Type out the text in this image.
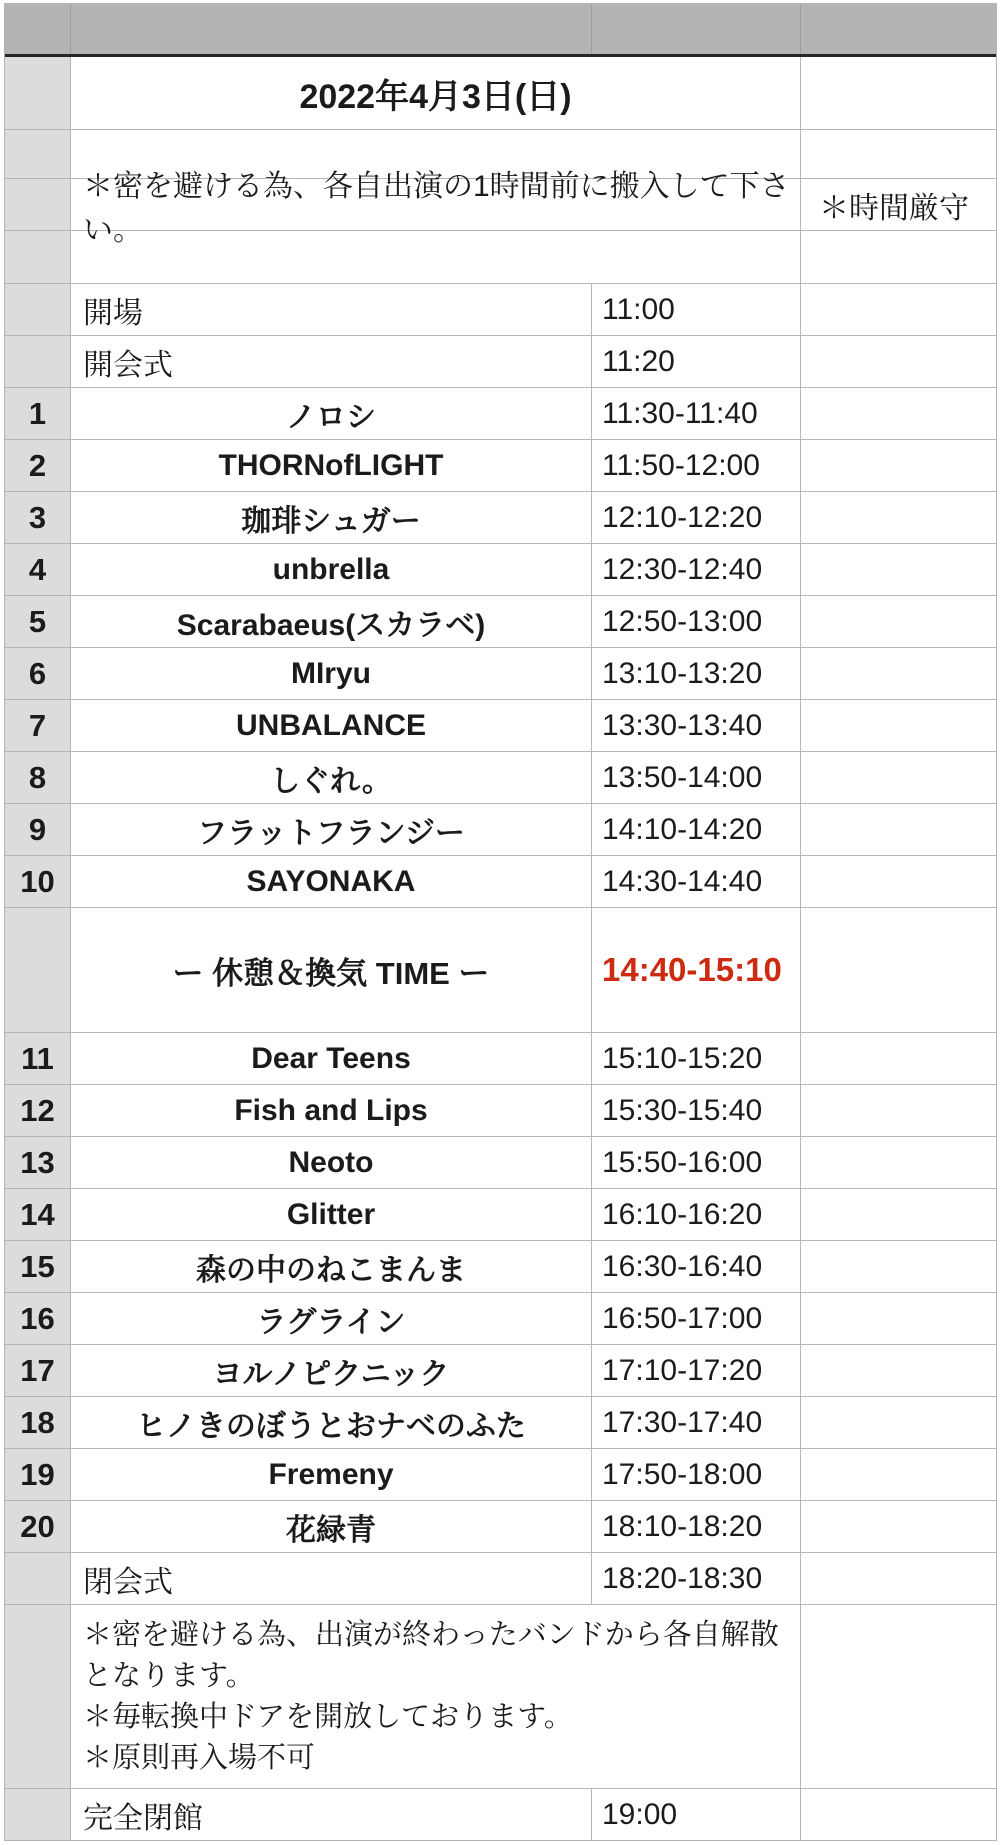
2022年4月3日(日)
＊密を避ける為、各自出演の1時間前に搬入して下さい。
＊時間厳守
開場	11:00
開会式	11:20
1	ノロシ	11:30-11:40
2	THORNofLIGHT	11:50-12:00
3	珈琲シュガー	12:10-12:20
4	unbrella	12:30-12:40
5	Scarabaeus(スカラベ)	12:50-13:00
6	MIryu	13:10-13:20
7	UNBALANCE	13:30-13:40
8	しぐれ。	13:50-14:00
9	フラットフランジー	14:10-14:20
10	SAYONAKA	14:30-14:40
ー 休憩＆換気 TIME ー	14:40-15:10
11	Dear Teens	15:10-15:20
12	Fish and Lips	15:30-15:40
13	Neoto	15:50-16:00
14	Glitter	16:10-16:20
15	森の中のねこまんま	16:30-16:40
16	ラグライン	16:50-17:00
17	ヨルノピクニック	17:10-17:20
18	ヒノきのぼうとおナベのふた	17:30-17:40
19	Fremeny	17:50-18:00
20	花緑青	18:10-18:20
閉会式	18:20-18:30
＊密を避ける為、出演が終わったバンドから各自解散となります。
＊毎転換中ドアを開放しております。
＊原則再入場不可
完全閉館	19:00
